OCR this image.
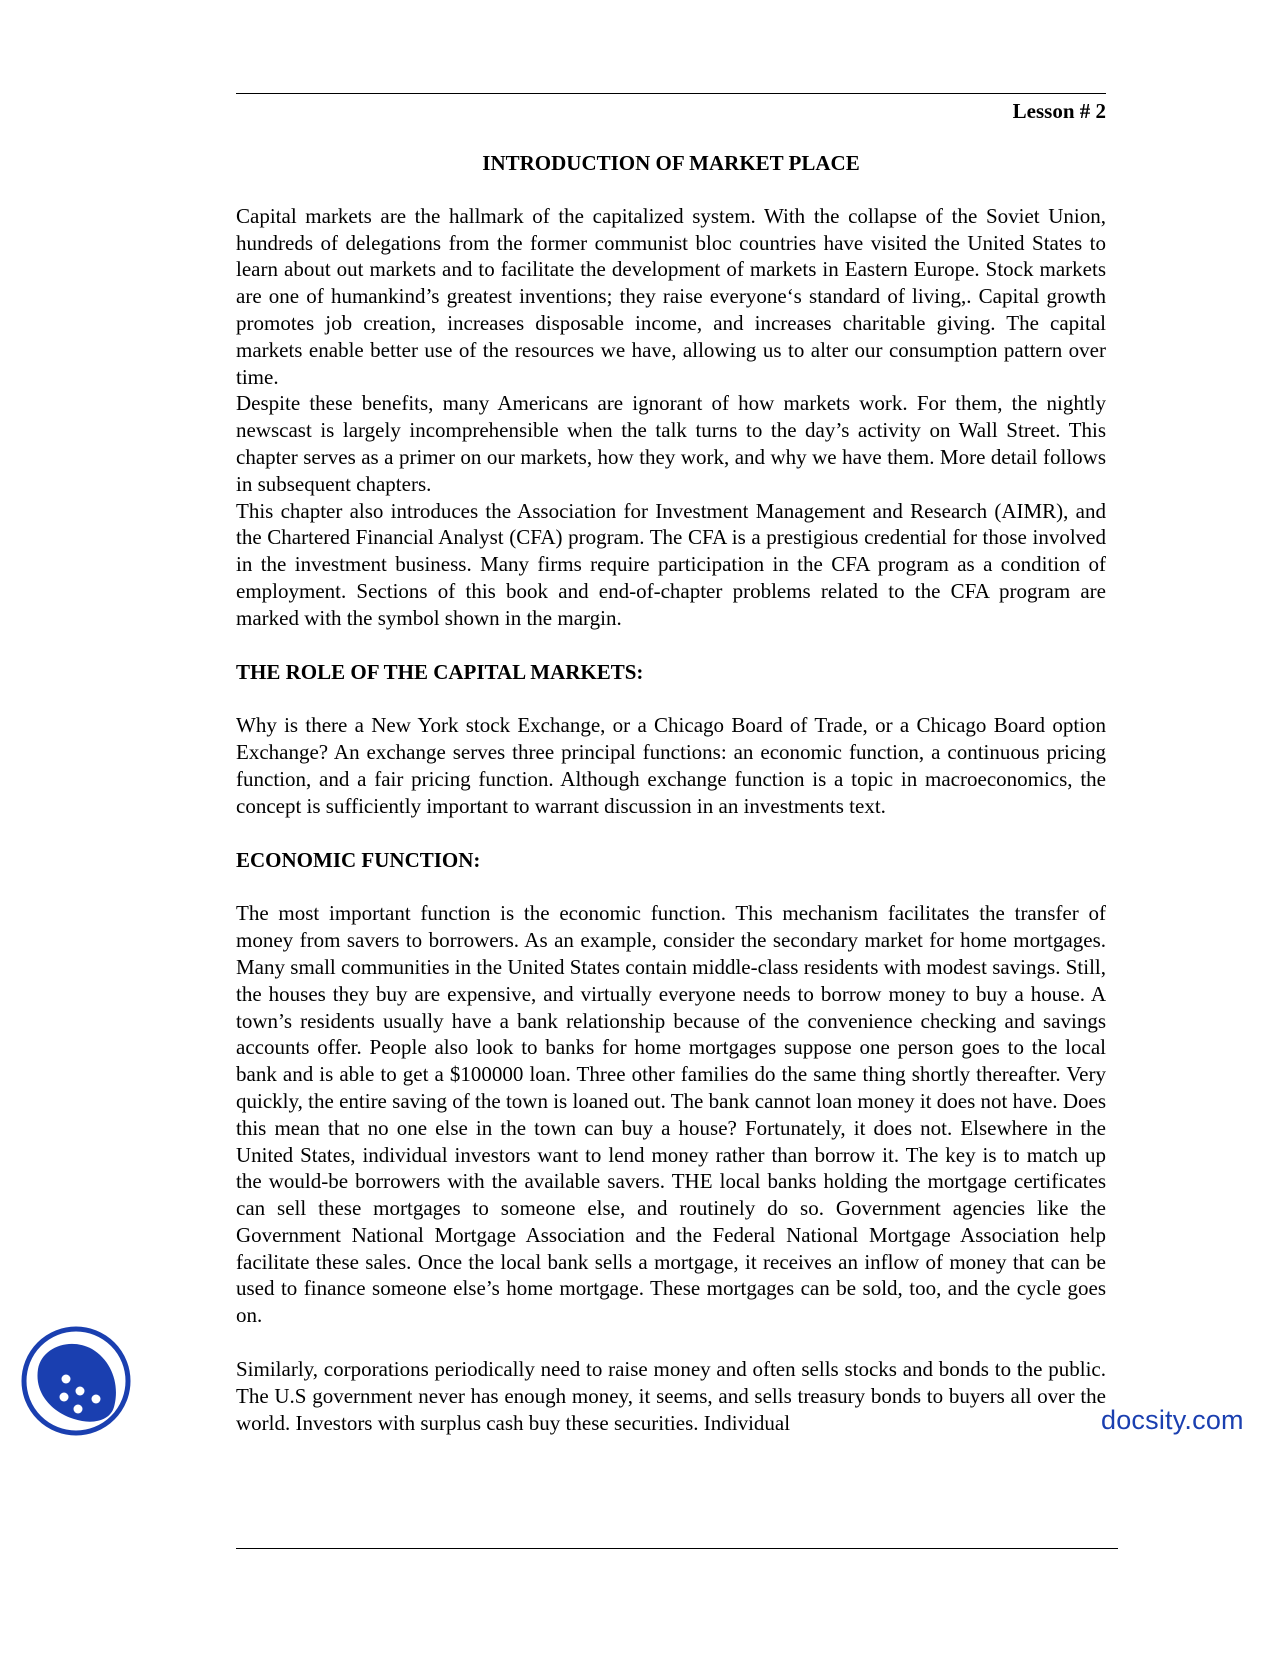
Lesson # 2
INTRODUCTION OF MARKET PLACE

Capital markets are the hallmark of the capitalized system. With the collapse of the Soviet Union, hundreds of delegations from the former communist bloc countries have visited the United States to learn about out markets and to facilitate the development of markets in Eastern Europe. Stock markets are one of humankind’s greatest inventions; they raise everyone‘s standard of living,. Capital growth promotes job creation, increases disposable income, and increases charitable giving. The capital markets enable better use of the resources we have, allowing us to alter our consumption pattern over time.

Despite these benefits, many Americans are ignorant of how markets work. For them, the nightly newscast is largely incomprehensible when the talk turns to the day’s activity on Wall Street. This chapter serves as a primer on our markets, how they work, and why we have them. More detail follows in subsequent chapters.

This chapter also introduces the Association for Investment Management and Research (AIMR), and the Chartered Financial Analyst (CFA) program. The CFA is a prestigious credential for those involved in the investment business. Many firms require participation in the CFA program as a condition of employment. Sections of this book and end-of-chapter problems related to the CFA program are marked with the symbol shown in the margin.

THE ROLE OF THE CAPITAL MARKETS:

Why is there a New York stock Exchange, or a Chicago Board of Trade, or a Chicago Board option Exchange? An exchange serves three principal functions: an economic function, a continuous pricing function, and a fair pricing function. Although exchange function is a topic in macroeconomics, the concept is sufficiently important to warrant discussion in an investments text.

ECONOMIC FUNCTION:

The most important function is the economic function. This mechanism facilitates the transfer of money from savers to borrowers. As an example, consider the secondary market for home mortgages. Many small communities in the United States contain middle-class residents with modest savings. Still, the houses they buy are expensive, and virtually everyone needs to borrow money to buy a house. A town’s residents usually have a bank relationship because of the convenience checking and savings accounts offer. People also look to banks for home mortgages suppose one person goes to the local bank and is able to get a $100000 loan. Three other families do the same thing shortly thereafter. Very quickly, the entire saving of the town is loaned out. The bank cannot loan money it does not have. Does this mean that no one else in the town can buy a house? Fortunately, it does not. Elsewhere in the United States, individual investors want to lend money rather than borrow it. The key is to match up the would-be borrowers with the available savers. THE local banks holding the mortgage certificates can sell these mortgages to someone else, and routinely do so. Government agencies like the Government National Mortgage Association and the Federal National Mortgage Association help facilitate these sales. Once the local bank sells a mortgage, it receives an inflow of money that can be used to finance someone else’s home mortgage. These mortgages can be sold, too, and the cycle goes on.

Similarly, corporations periodically need to raise money and often sells stocks and bonds to the public. The U.S government never has enough money, it seems, and sells treasury bonds to buyers all over the world. Investors with surplus cash buy these securities. Individual	docsity.com
